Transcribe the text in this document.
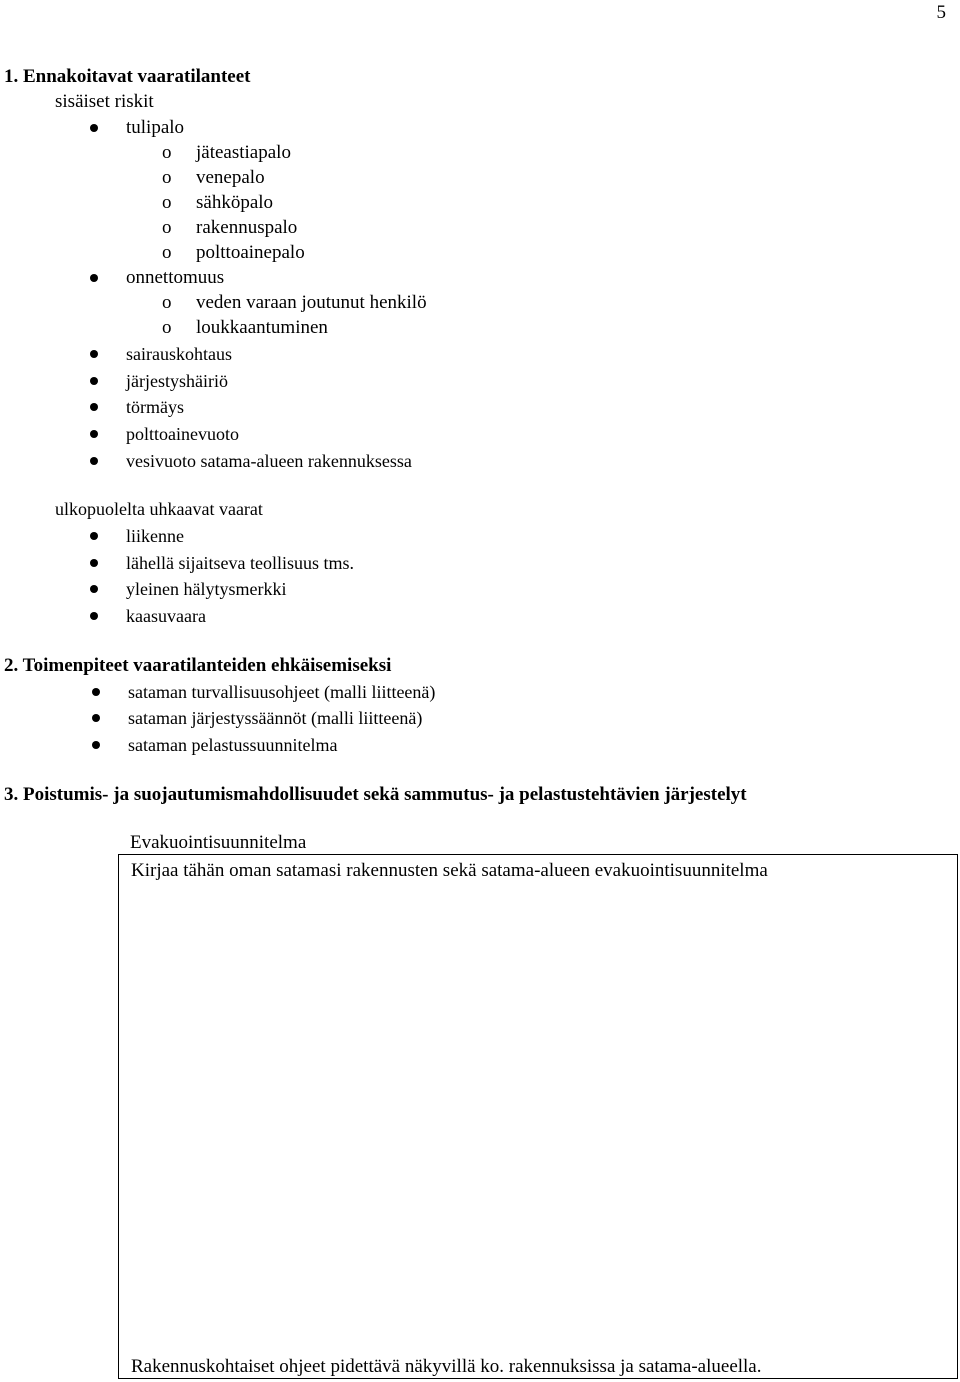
5
1. Ennakoitavat vaaratilanteet
sisäiset riskit
tulipalo
o jäteastiapalo
o venepalo
o sähköpalo
o rakennuspalo
o polttoainepalo
onnettomuus
o veden varaan joutunut henkilö
o loukkaantuminen
sairauskohtaus
järjestyshäiriö
törmäys
polttoainevuoto
vesivuoto satama-alueen rakennuksessa
ulkopuolelta uhkaavat vaarat
liikenne
lähellä sijaitseva teollisuus tms.
yleinen hälytysmerkki
kaasuvaara
2. Toimenpiteet vaaratilanteiden ehkäisemiseksi
sataman turvallisuusohjeet (malli liitteenä)
sataman järjestyssäännöt (malli liitteenä)
sataman pelastussuunnitelma
3. Poistumis- ja suojautumismahdollisuudet sekä sammutus- ja pelastustehtävien järjestelyt
Evakuointisuunnitelma
Kirjaa tähän oman satamasi rakennusten sekä satama-alueen evakuointisuunnitelma
Rakennuskohtaiset ohjeet pidettävä näkyvillä ko. rakennuksissa ja satama-alueella.
